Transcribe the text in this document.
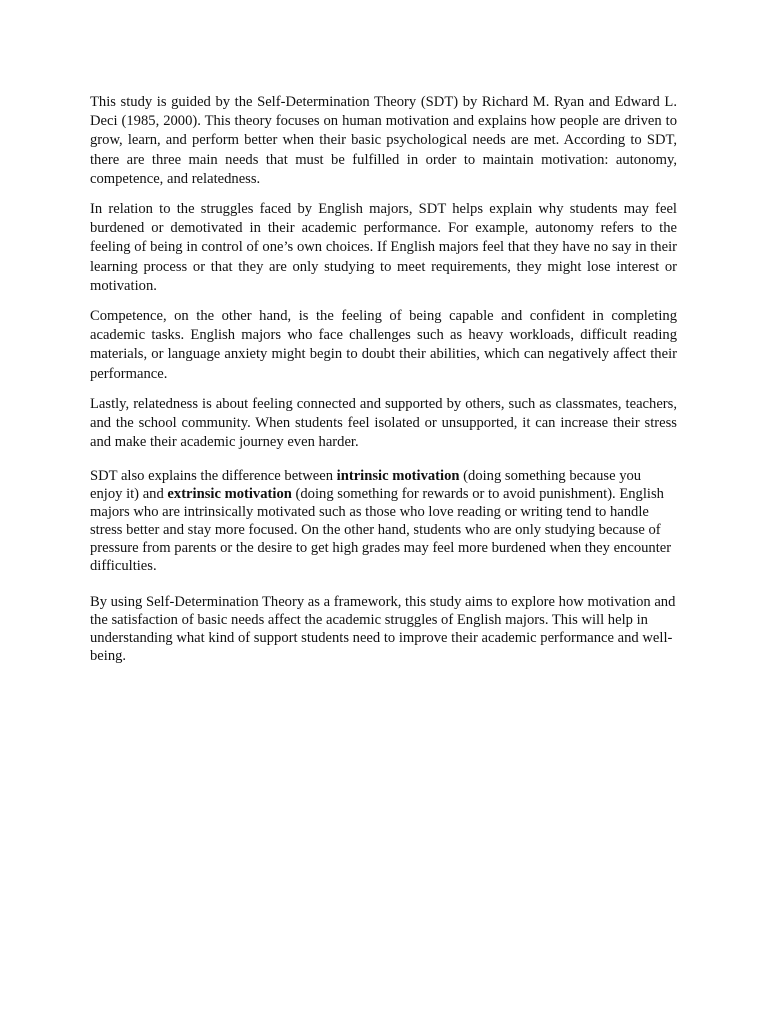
This study is guided by the Self-Determination Theory (SDT) by Richard M. Ryan and Edward L. Deci (1985, 2000). This theory focuses on human motivation and explains how people are driven to grow, learn, and perform better when their basic psychological needs are met. According to SDT, there are three main needs that must be fulfilled in order to maintain motivation: autonomy, competence, and relatedness.

In relation to the struggles faced by English majors, SDT helps explain why students may feel burdened or demotivated in their academic performance. For example, autonomy refers to the feeling of being in control of one’s own choices. If English majors feel that they have no say in their learning process or that they are only studying to meet requirements, they might lose interest or motivation.

Competence, on the other hand, is the feeling of being capable and confident in completing academic tasks. English majors who face challenges such as heavy workloads, difficult reading materials, or language anxiety might begin to doubt their abilities, which can negatively affect their performance.

Lastly, relatedness is about feeling connected and supported by others, such as classmates, teachers, and the school community. When students feel isolated or unsupported, it can increase their stress and make their academic journey even harder.

SDT also explains the difference between intrinsic motivation (doing something because you enjoy it) and extrinsic motivation (doing something for rewards or to avoid punishment). English majors who are intrinsically motivated such as those who love reading or writing tend to handle stress better and stay more focused. On the other hand, students who are only studying because of pressure from parents or the desire to get high grades may feel more burdened when they encounter difficulties.

By using Self-Determination Theory as a framework, this study aims to explore how motivation and the satisfaction of basic needs affect the academic struggles of English majors. This will help in understanding what kind of support students need to improve their academic performance and well-being.
